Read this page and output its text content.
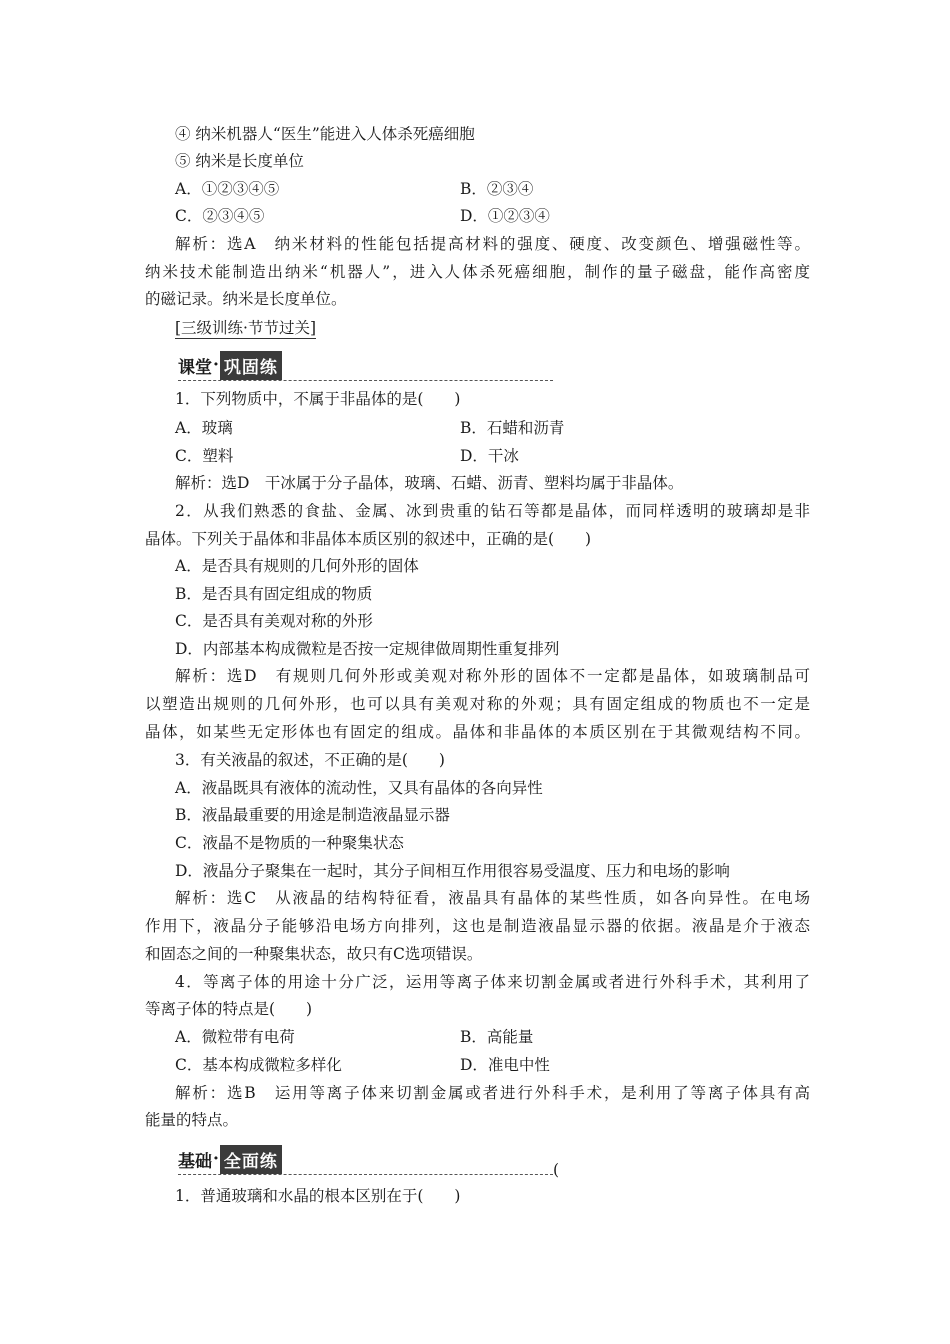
④ 纳米机器人“医生”能进入人体杀死癌细胞
⑤ 纳米是长度单位
A．①②③④⑤	B．②③④
C．②③④⑤	D．①②③④
解析：选A　纳米材料的性能包括提高材料的强度、硬度、改变颜色、增强磁性等。
纳米技术能制造出纳米“机器人”，进入人体杀死癌细胞，制作的量子磁盘，能作高密度
的磁记录。纳米是长度单位。
[三级训练·节节过关]
课堂 · 巩固练
1．下列物质中，不属于非晶体的是(　　)
A．玻璃	B．石蜡和沥青
C．塑料	D．干冰
解析：选D　干冰属于分子晶体，玻璃、石蜡、沥青、塑料均属于非晶体。
2．从我们熟悉的食盐、金属、冰到贵重的钻石等都是晶体，而同样透明的玻璃却是非
晶体。下列关于晶体和非晶体本质区别的叙述中，正确的是(　　)
A．是否具有规则的几何外形的固体
B．是否具有固定组成的物质
C．是否具有美观对称的外形
D．内部基本构成微粒是否按一定规律做周期性重复排列
解析：选D　有规则几何外形或美观对称外形的固体不一定都是晶体，如玻璃制品可
以塑造出规则的几何外形，也可以具有美观对称的外观；具有固定组成的物质也不一定是
晶体，如某些无定形体也有固定的组成。晶体和非晶体的本质区别在于其微观结构不同。
3．有关液晶的叙述，不正确的是(　　)
A．液晶既具有液体的流动性，又具有晶体的各向异性
B．液晶最重要的用途是制造液晶显示器
C．液晶不是物质的一种聚集状态
D．液晶分子聚集在一起时，其分子间相互作用很容易受温度、压力和电场的影响
解析：选C　从液晶的结构特征看，液晶具有晶体的某些性质，如各向异性。在电场
作用下，液晶分子能够沿电场方向排列，这也是制造液晶显示器的依据。液晶是介于液态
和固态之间的一种聚集状态，故只有C选项错误。
4．等离子体的用途十分广泛，运用等离子体来切割金属或者进行外科手术，其利用了
等离子体的特点是(　　)
A．微粒带有电荷	B．高能量
C．基本构成微粒多样化	D．准电中性
解析：选B　运用等离子体来切割金属或者进行外科手术，是利用了等离子体具有高
能量的特点。
基础 · 全面练	(
1．普通玻璃和水晶的根本区别在于(　　)
